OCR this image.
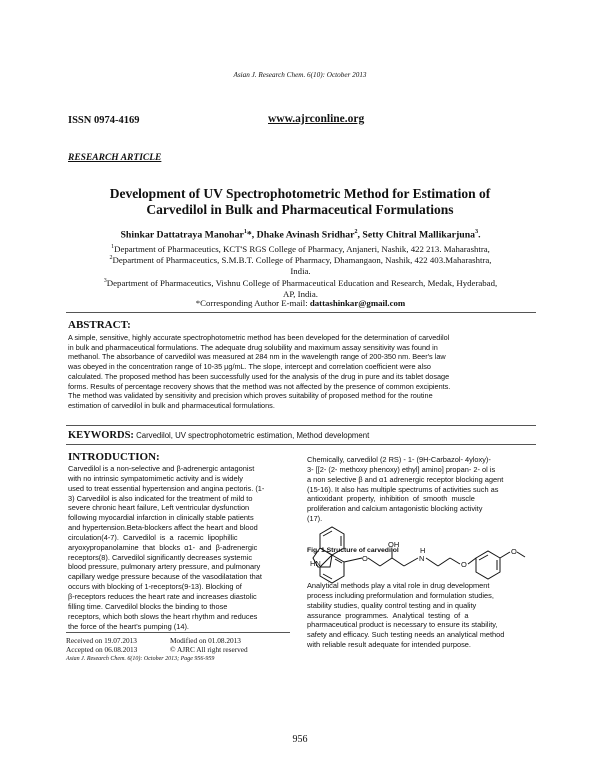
Asian J. Research Chem. 6(10): October 2013
ISSN 0974-4169	www.ajrconline.org
RESEARCH ARTICLE
Development of UV Spectrophotometric Method for Estimation of
Carvedilol in Bulk and Pharmaceutical Formulations
Shinkar Dattatraya Manohar$^1$*, Dhake Avinash Sridhar$^2$, Setty Chitral Mallikarjuna$^3$.
$^1$Department of Pharmaceutics, KCT'S RGS College of Pharmacy, Anjaneri, Nashik, 422 213. Maharashtra,
$^2$Department of Pharmaceutics, S.M.B.T. College of Pharmacy, Dhamangaon, Nashik, 422 403.Maharashtra,
India.
$^3$Department of Pharmaceutics, Vishnu College of Pharmaceutical Education and Research, Medak, Hyderabad,
AP, India.
*Corresponding Author E-mail: dattashinkar@gmail.com
ABSTRACT:
A simple, sensitive, highly accurate spectrophotometric method has been developed for the determination of carvedilol
in bulk and pharmaceutical formulations. The adequate drug solubility and maximum assay sensitivity was found in
methanol. The absorbance of carvedilol was measured at 284 nm in the wavelength range of 200-350 nm. Beer's law
was obeyed in the concentration range of 10-35 µg/mL. The slope, intercept and correlation coefficient were also
calculated. The proposed method has been successfully used for the analysis of the drug in pure and its tablet dosage
forms. Results of percentage recovery shows that the method was not affected by the presence of common excipients.
The method was validated by sensitivity and precision which proves suitability of proposed method for the routine
estimation of carvedilol in bulk and pharmaceutical formulations.
KEYWORDS: Carvedilol, UV spectrophotometric estimation, Method development
INTRODUCTION:
Carvedilol is a non-selective and β-adrenergic antagonist
with no intrinsic sympatomimetic activity and is widely
used to treat essential hypertension and angina pectoris. (1-
3) Carvedilol is also indicated for the treatment of mild to
severe chronic heart failure, Left ventricular dysfunction
following myocardial infarction in clinically stable patients
and hypertension.Beta-blockers affect the heart and blood
circulation(4-7).  Carvedilol  is  a  racemic  lipophillic
aryoxypropanolamine  that  blocks  α1-  and  β-adrenergic
receptors(8). Carvedilol significantly decreases systemic
blood pressure, pulmonary artery pressure, and pulmonary
capillary wedge pressure because of the vasodilatation that
occurs with blocking of 1-receptors(9-13). Blocking of
β-receptors reduces the heart rate and increases diastolic
filling time. Carvedilol blocks the binding to those
receptors, which both slows the heart rhythm and reduces
the force of the heart's pumping (14).
Chemically, carvedilol (2 RS) - 1- (9H-Carbazol- 4yloxy)-
3- [[2- (2- methoxy phenoxy) ethyl] amino] propan- 2- ol is
a non selective β and α1 adrenergic receptor blocking agent
(15-16). It also has multiple spectrums of activities such as
antioxidant  property,  inhibition  of  smooth  muscle
proliferation and calcium antagonistic blocking activity
(17).
HN
O
OH
H
N
O
O
Fig. 1 Structure of carvedilol
Analytical methods play a vital role in drug development
process including preformulation and formulation studies,
stability studies, quality control testing and in quality
assurance  programmes.  Analytical  testing  of  a
pharmaceutical product is necessary to ensure its stability,
safety and efficacy. Such testing needs an analytical method
with reliable result adequate for intended purpose.
Received on 19.07.2013	Modified on 01.08.2013
Accepted on 06.08.2013	© AJRC All right reserved
Asian J. Research Chem. 6(10): October 2013; Page 956-959
956
